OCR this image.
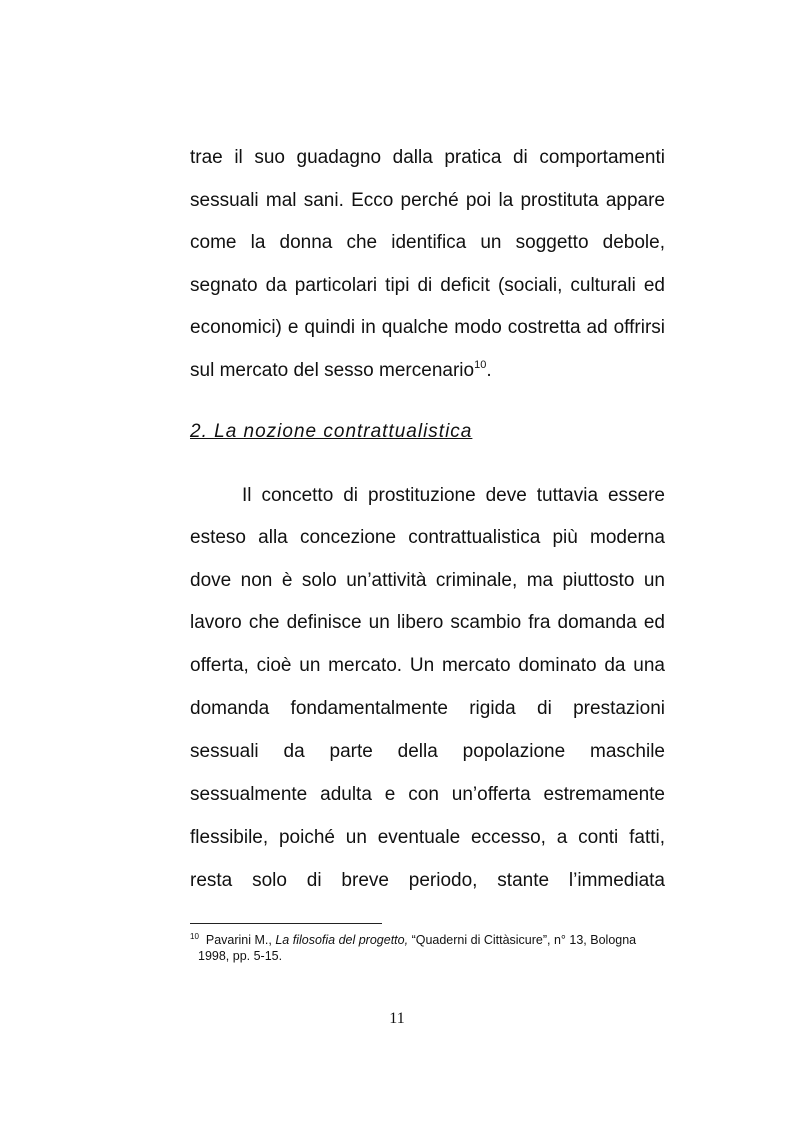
trae il suo guadagno dalla pratica di comportamenti
sessuali mal sani. Ecco perché poi la prostituta appare
come la donna che identifica un soggetto debole,
segnato da particolari tipi di deficit (sociali, culturali ed
economici) e quindi in qualche modo costretta ad offrirsi
sul mercato del sesso mercenario$^{10}$.
2. La nozione contrattualistica
Il concetto di prostituzione deve tuttavia essere
esteso alla concezione contrattualistica più moderna
dove non è solo un’attività criminale, ma piuttosto un
lavoro che definisce un libero scambio fra domanda ed
offerta, cioè un mercato. Un mercato dominato da una
domanda fondamentalmente rigida di prestazioni
sessuali da parte della popolazione maschile
sessualmente adulta e con un’offerta estremamente
flessibile, poiché un eventuale eccesso, a conti fatti,
resta solo di breve periodo, stante l’immediata
$^{10}$ Pavarini M., La filosofia del progetto, “Quaderni di Cittàsicure”, n° 13, Bologna
1998, pp. 5-15.
11
